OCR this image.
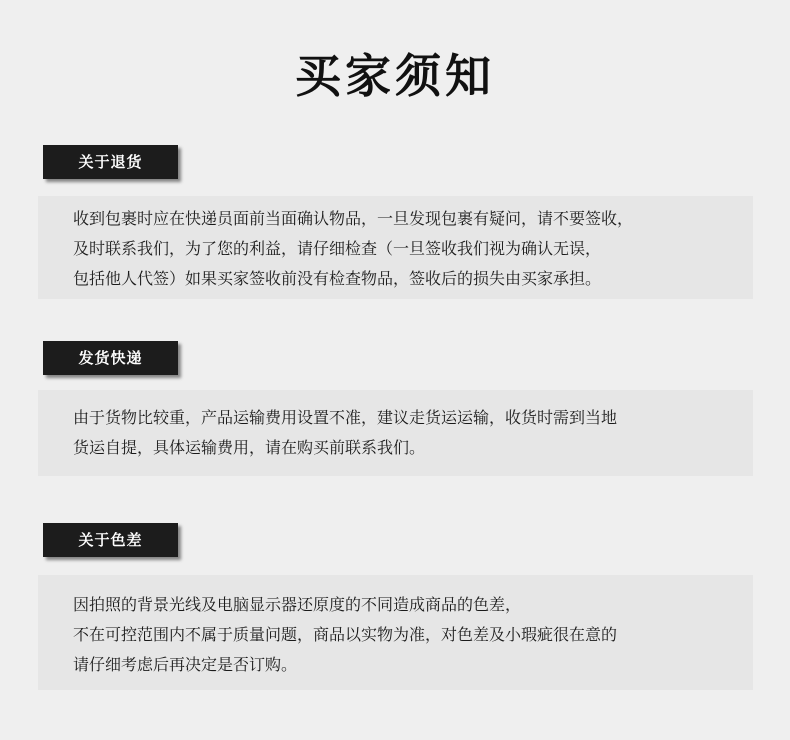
买家须知
关于退货
收到包裹时应在快递员面前当面确认物品，一旦发现包裹有疑问，请不要签收，
及时联系我们，为了您的利益，请仔细检查（一旦签收我们视为确认无误，
包括他人代签）如果买家签收前没有检查物品，签收后的损失由买家承担。
发货快递
由于货物比较重，产品运输费用设置不准，建议走货运运输，收货时需到当地
货运自提，具体运输费用，请在购买前联系我们。
关于色差
因拍照的背景光线及电脑显示器还原度的不同造成商品的色差，
不在可控范围内不属于质量问题，商品以实物为准，对色差及小瑕疵很在意的
请仔细考虑后再决定是否订购。
